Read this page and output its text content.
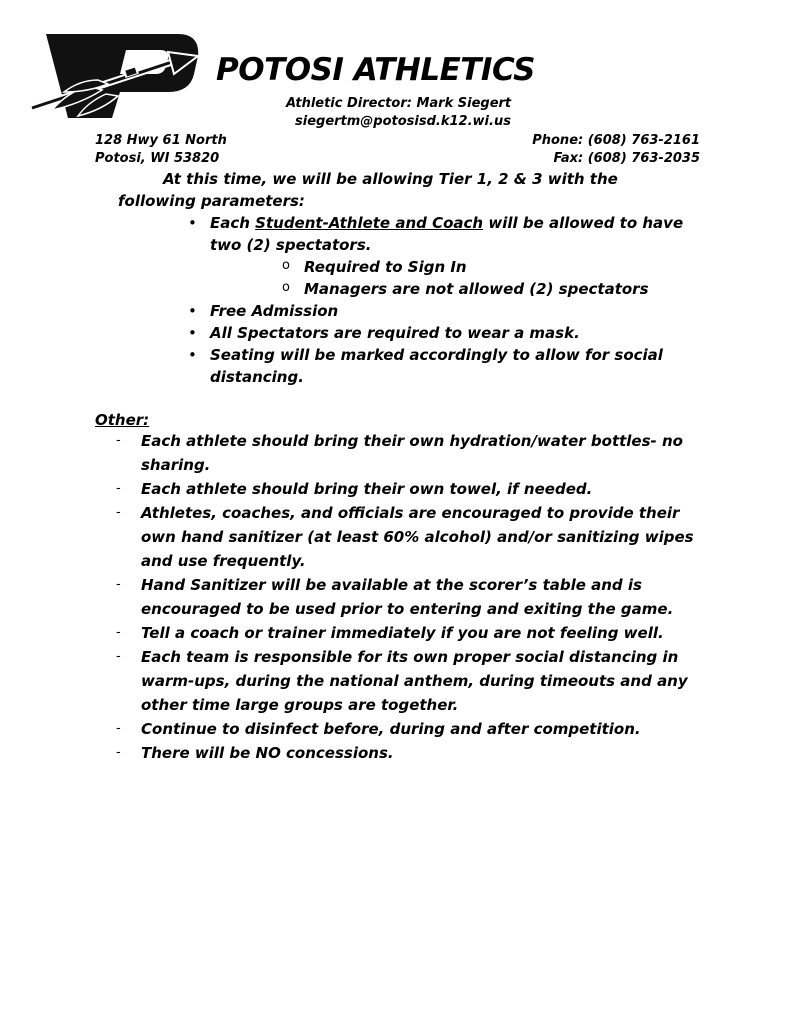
POTOSI ATHLETICS
Athletic Director: Mark Siegert
siegertm@potosisd.k12.wi.us
128 Hwy 61 North
Potosi, WI 53820
Phone: (608) 763-2161
Fax: (608) 763-2035
At this time, we will be allowing Tier 1, 2 & 3 with the
following parameters:
• Each Student-Athlete and Coach will be allowed to have
two (2) spectators.
o Required to Sign In
o Managers are not allowed (2) spectators
• Free Admission
• All Spectators are required to wear a mask.
• Seating will be marked accordingly to allow for social
distancing.
Other:
- Each athlete should bring their own hydration/water bottles- no
sharing.
- Each athlete should bring their own towel, if needed.
- Athletes, coaches, and officials are encouraged to provide their
own hand sanitizer (at least 60% alcohol) and/or sanitizing wipes
and use frequently.
- Hand Sanitizer will be available at the scorer’s table and is
encouraged to be used prior to entering and exiting the game.
- Tell a coach or trainer immediately if you are not feeling well.
- Each team is responsible for its own proper social distancing in
warm-ups, during the national anthem, during timeouts and any
other time large groups are together.
- Continue to disinfect before, during and after competition.
- There will be NO concessions.
